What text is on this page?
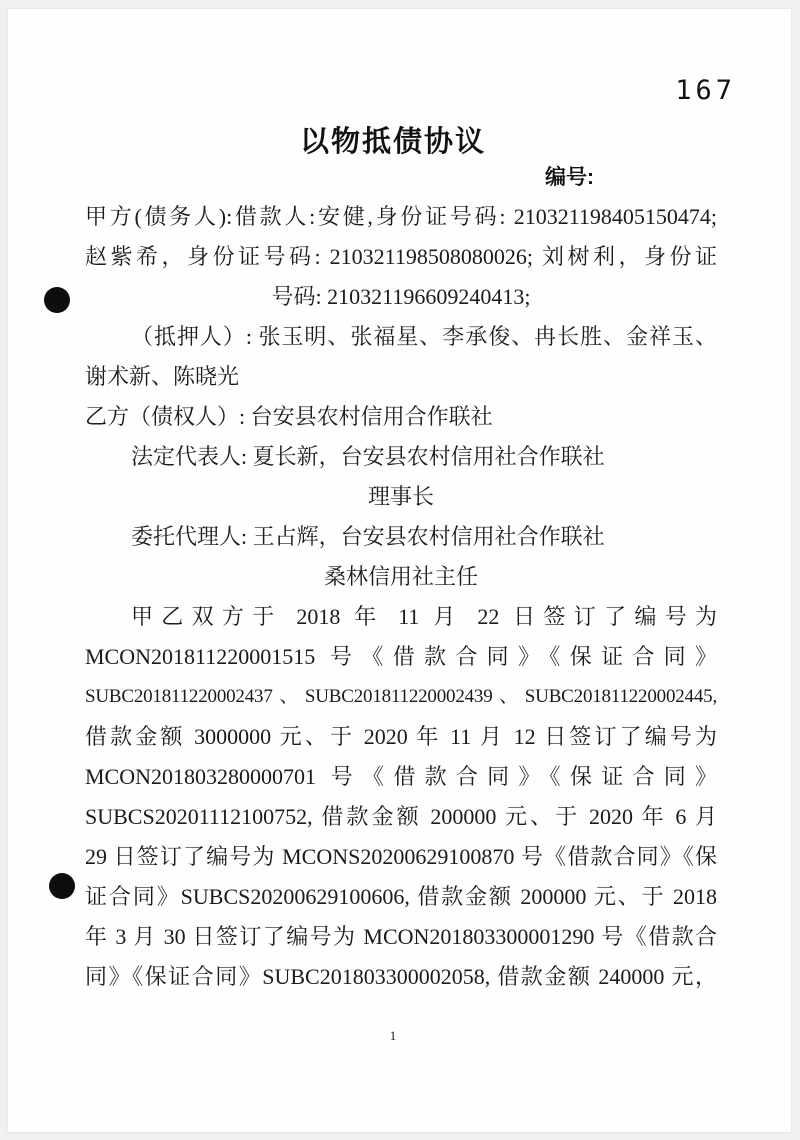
167
以物抵债协议
编号:
甲方(债务人):借款人:安健,身份证号码: 210321198405150474;
赵紫希，身份证号码: 210321198508080026; 刘树利，身份证
号码: 210321196609240413;
（抵押人）: 张玉明、张福星、李承俊、冉长胜、金祥玉、
谢术新、陈晓光
乙方（债权人）: 台安县农村信用合作联社
法定代表人: 夏长新，台安县农村信用社合作联社
理事长
委托代理人: 王占辉，台安县农村信用社合作联社
桑林信用社主任
甲乙双方于 2018 年 11 月 22 日签订了编号为
MCON201811220001515 号《借款合同》《保证合同》
SUBC201811220002437、SUBC201811220002439、SUBC201811220002445,
借款金额 3000000 元、于 2020 年 11 月 12 日签订了编号为
MCON201803280000701 号《借款合同》《保证合同》
SUBCS20201112100752, 借款金额 200000 元、于 2020 年 6 月
29 日签订了编号为 MCONS20200629100870 号《借款合同》《保
证合同》SUBCS20200629100606, 借款金额 200000 元、于 2018
年 3 月 30 日签订了编号为 MCON201803300001290 号《借款合
同》《保证合同》SUBC201803300002058, 借款金额 240000 元，
1
